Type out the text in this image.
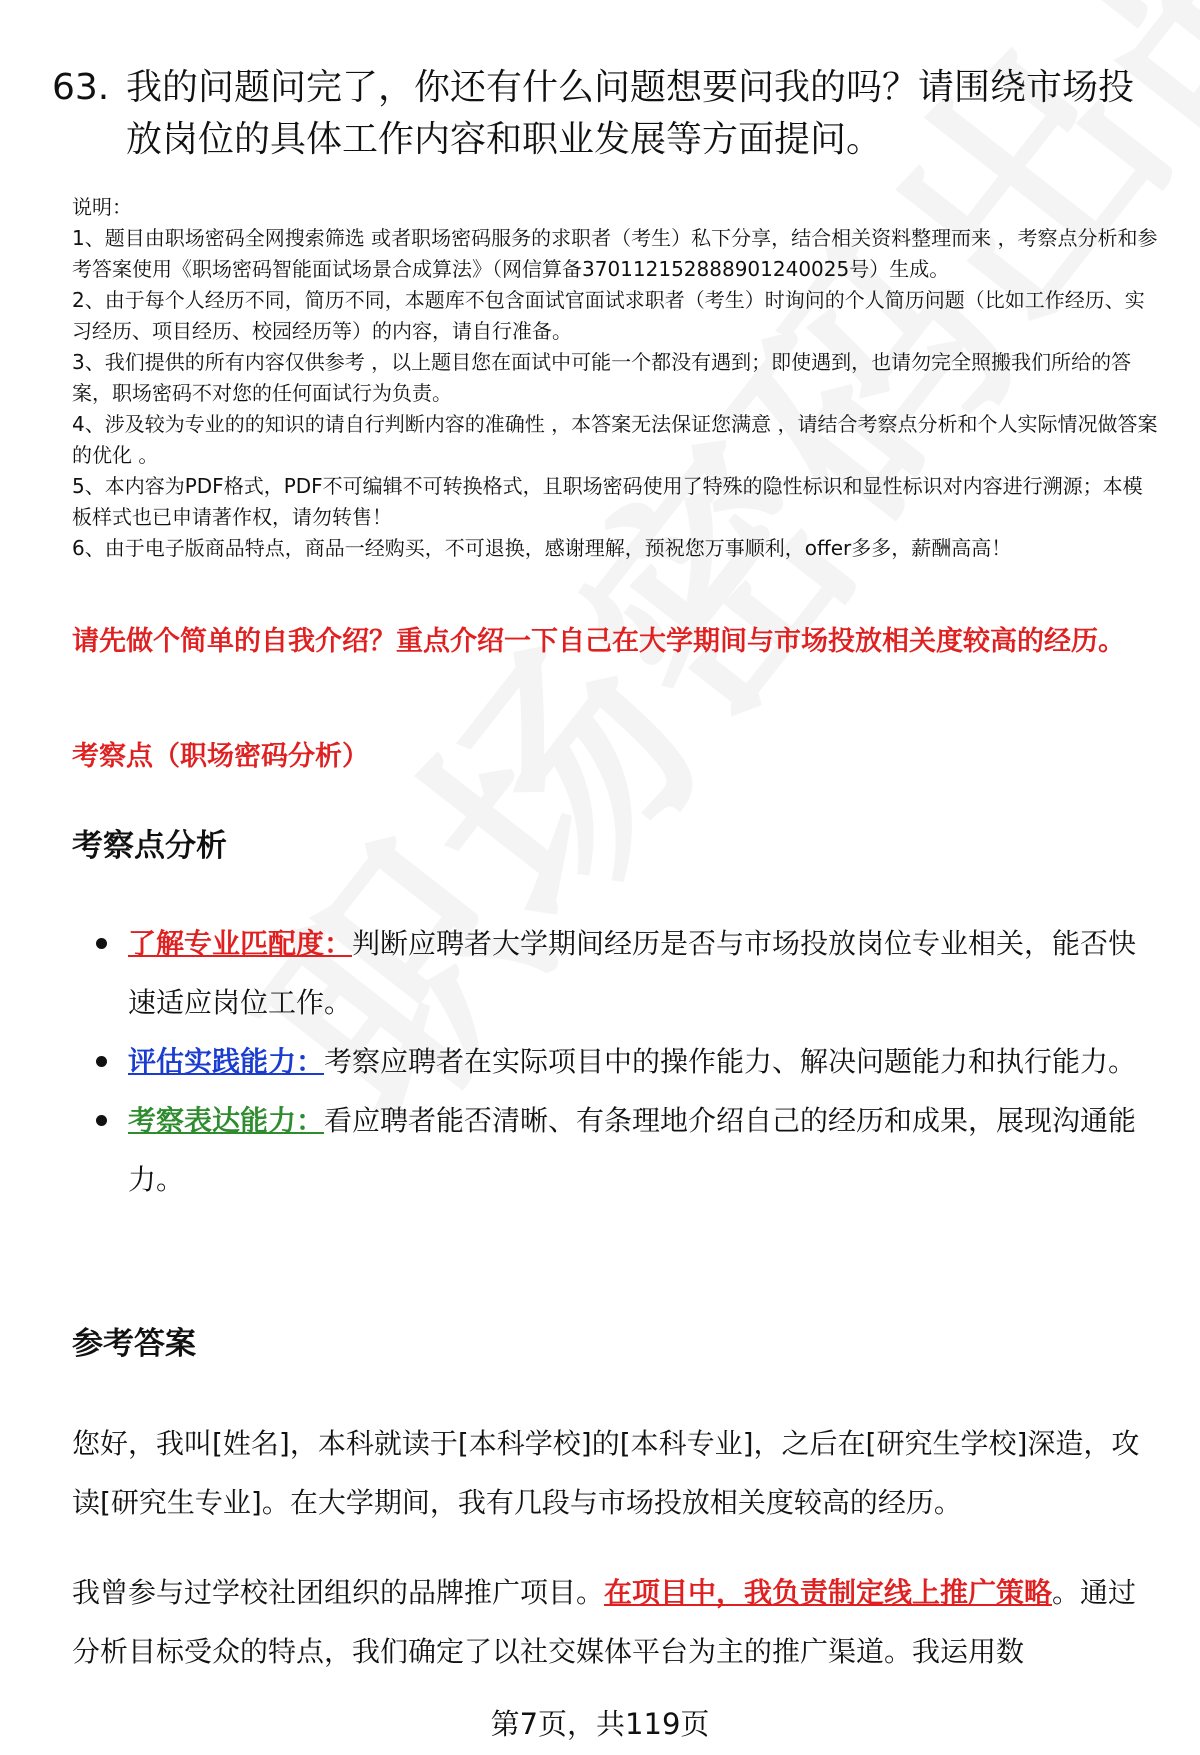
63. 我的问题问完了，你还有什么问题想要问我的吗？请围绕市场投放岗位的具体工作内容和职业发展等方面提问。
说明：
1、题目由职场密码全网搜索筛选 或者职场密码服务的求职者（考生）私下分享，结合相关资料整理而来 ，考察点分析和参考答案使用《职场密码智能面试场景合成算法》（网信算备370112152888901240025号）生成。
2、由于每个人经历不同，简历不同，本题库不包含面试官面试求职者（考生）时询问的个人简历问题（比如工作经历、实习经历、项目经历、校园经历等）的内容，请自行准备。
3、我们提供的所有内容仅供参考 ，以上题目您在面试中可能一个都没有遇到；即使遇到，也请勿完全照搬我们所给的答案，职场密码不对您的任何面试行为负责。
4、涉及较为专业的的知识的请自行判断内容的准确性 ，本答案无法保证您满意 ，请结合考察点分析和个人实际情况做答案的优化 。
5、本内容为PDF格式，PDF不可编辑不可转换格式，且职场密码使用了特殊的隐性标识和显性标识对内容进行溯源；本模板样式也已申请著作权，请勿转售！
6、由于电子版商品特点，商品一经购买，不可退换，感谢理解，预祝您万事顺利，offer多多，薪酬高高！
请先做个简单的自我介绍？重点介绍一下自己在大学期间与市场投放相关度较高的经历。
考察点（职场密码分析）
考察点分析
了解专业匹配度：判断应聘者大学期间经历是否与市场投放岗位专业相关，能否快速适应岗位工作。
评估实践能力：考察应聘者在实际项目中的操作能力、解决问题能力和执行能力。
考察表达能力：看应聘者能否清晰、有条理地介绍自己的经历和成果，展现沟通能力。
参考答案

您好，我叫[姓名]，本科就读于[本科学校]的[本科专业]，之后在[研究生学校]深造，攻读[研究生专业]。在大学期间，我有几段与市场投放相关度较高的经历。

我曾参与过学校社团组织的品牌推广项目。在项目中，我负责制定线上推广策略。通过分析目标受众的特点，我们确定了以社交媒体平台为主的推广渠道。我运用数

第7页，共119页
